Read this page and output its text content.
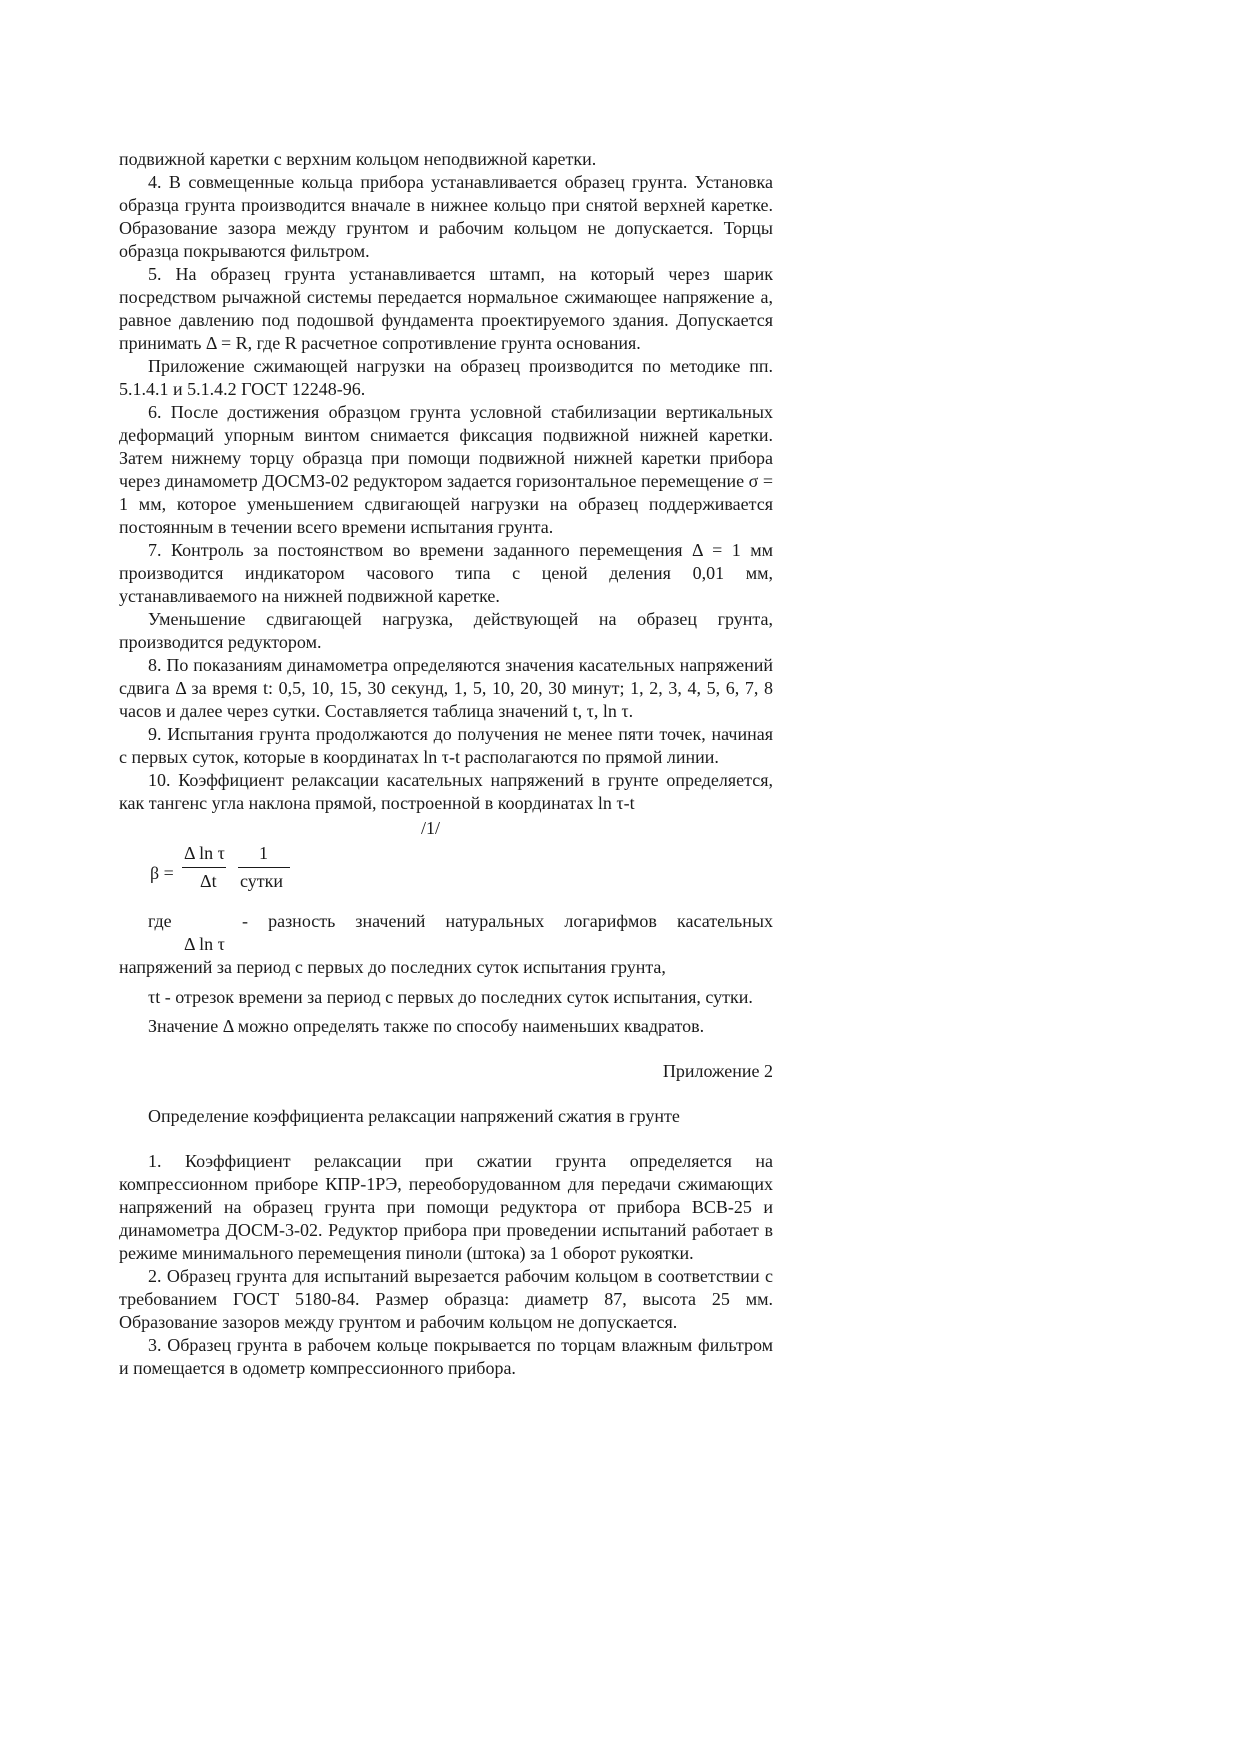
подвижной каретки с верхним кольцом неподвижной каретки.

4. В совмещенные кольца прибора устанавливается образец грунта. Установка образца грунта производится вначале в нижнее кольцо при снятой верхней каретке. Образование зазора между грунтом и рабочим кольцом не допускается. Торцы образца покрываются фильтром.

5. На образец грунта устанавливается штамп, на который через шарик посредством рычажной системы передается нормальное сжимающее напряжение а, равное давлению под подошвой фундамента проектируемого здания. Допускается принимать Δ = R, где R расчетное сопротивление грунта основания.

Приложение сжимающей нагрузки на образец производится по методике пп. 5.1.4.1 и 5.1.4.2 ГОСТ 12248-96.

6. После достижения образцом грунта условной стабилизации вертикальных деформаций упорным винтом снимается фиксация подвижной нижней каретки. Затем нижнему торцу образца при помощи подвижной нижней каретки прибора через динамометр ДОСМЗ-02 редуктором задается горизонтальное перемещение σ = 1 мм, которое уменьшением сдвигающей нагрузки на образец поддерживается постоянным в течении всего времени испытания грунта.

7. Контроль за постоянством во времени заданного перемещения Δ = 1 мм производится индикатором часового типа с ценой деления 0,01 мм, устанавливаемого на нижней подвижной каретке.

Уменьшение сдвигающей нагрузка, действующей на образец грунта, производится редуктором.

8. По показаниям динамометра определяются значения касательных напряжений сдвига Δ за время t: 0,5, 10, 15, 30 секунд, 1, 5, 10, 20, 30 минут; 1, 2, 3, 4, 5, 6, 7, 8 часов и далее через сутки. Составляется таблица значений t, τ, ln τ.

9. Испытания грунта продолжаются до получения не менее пяти точек, начиная с первых суток, которые в координатах ln τ-t располагаются по прямой линии.

10. Коэффициент релаксации касательных напряжений в грунте определяется, как тангенс угла наклона прямой, построенной в координатах ln τ-t

/1/

β =
Δ ln τ
Δt
1
сутки
где	- разность значений натуральных логарифмов касательных
Δ ln τ

напряжений за период с первых до последних суток испытания грунта,

τt - отрезок времени за период с первых до последних суток испытания, сутки.

Значение Δ можно определять также по способу наименьших квадратов.

Приложение 2

Определение коэффициента релаксации напряжений сжатия в грунте

1. Коэффициент релаксации при сжатии грунта определяется на компрессионном приборе КПР-1РЭ, переоборудованном для передачи сжимающих напряжений на образец грунта при помощи редуктора от прибора ВСВ-25 и динамометра ДОСМ-3-02. Редуктор прибора при проведении испытаний работает в режиме минимального перемещения пиноли (штока) за 1 оборот рукоятки.

2. Образец грунта для испытаний вырезается рабочим кольцом в соответствии с требованием ГОСТ 5180-84. Размер образца: диаметр 87, высота 25 мм. Образование зазоров между грунтом и рабочим кольцом не допускается.

3. Образец грунта в рабочем кольце покрывается по торцам влажным фильтром и помещается в одометр компрессионного прибора.
